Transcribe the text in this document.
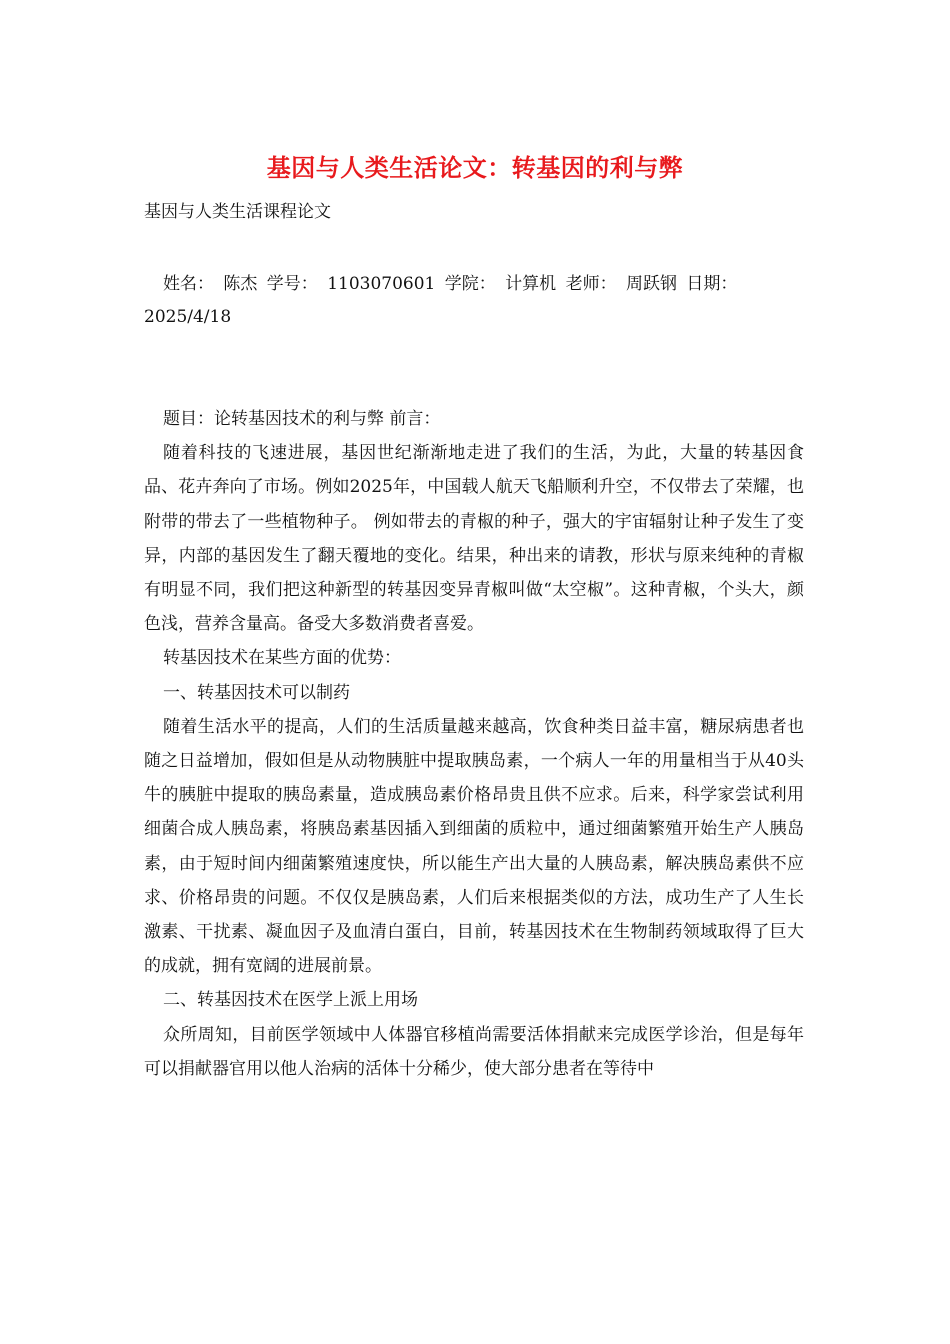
基因与人类生活论文：转基因的利与弊
基因与人类生活课程论文
姓名： 陈杰 学号： 1103070601 学院： 计算机 老师： 周跃钢 日期：
2025/4/18

题目：论转基因技术的利与弊 前言：

随着科技的飞速进展，基因世纪渐渐地走进了我们的生活，为此，大量的转基因食品、花卉奔向了市场。例如2025年，中国载人航天飞船顺利升空，不仅带去了荣耀，也附带的带去了一些植物种子。 例如带去的青椒的种子，强大的宇宙辐射让种子发生了变异，内部的基因发生了翻天覆地的变化。结果，种出来的请教，形状与原来纯种的青椒有明显不同，我们把这种新型的转基因变异青椒叫做“太空椒”。这种青椒，个头大，颜色浅，营养含量高。备受大多数消费者喜爱。

转基因技术在某些方面的优势：

一、转基因技术可以制药

随着生活水平的提高，人们的生活质量越来越高，饮食种类日益丰富，糖尿病患者也随之日益增加，假如但是从动物胰脏中提取胰岛素，一个病人一年的用量相当于从40头牛的胰脏中提取的胰岛素量，造成胰岛素价格昂贵且供不应求。后来，科学家尝试利用细菌合成人胰岛素，将胰岛素基因插入到细菌的质粒中，通过细菌繁殖开始生产人胰岛素，由于短时间内细菌繁殖速度快，所以能生产出大量的人胰岛素，解决胰岛素供不应求、价格昂贵的问题。不仅仅是胰岛素，人们后来根据类似的方法，成功生产了人生长激素、干扰素、凝血因子及血清白蛋白，目前，转基因技术在生物制药领域取得了巨大的成就，拥有宽阔的进展前景。

二、转基因技术在医学上派上用场

众所周知，目前医学领域中人体器官移植尚需要活体捐献来完成医学诊治，但是每年可以捐献器官用以他人治病的活体十分稀少，使大部分患者在等待中
